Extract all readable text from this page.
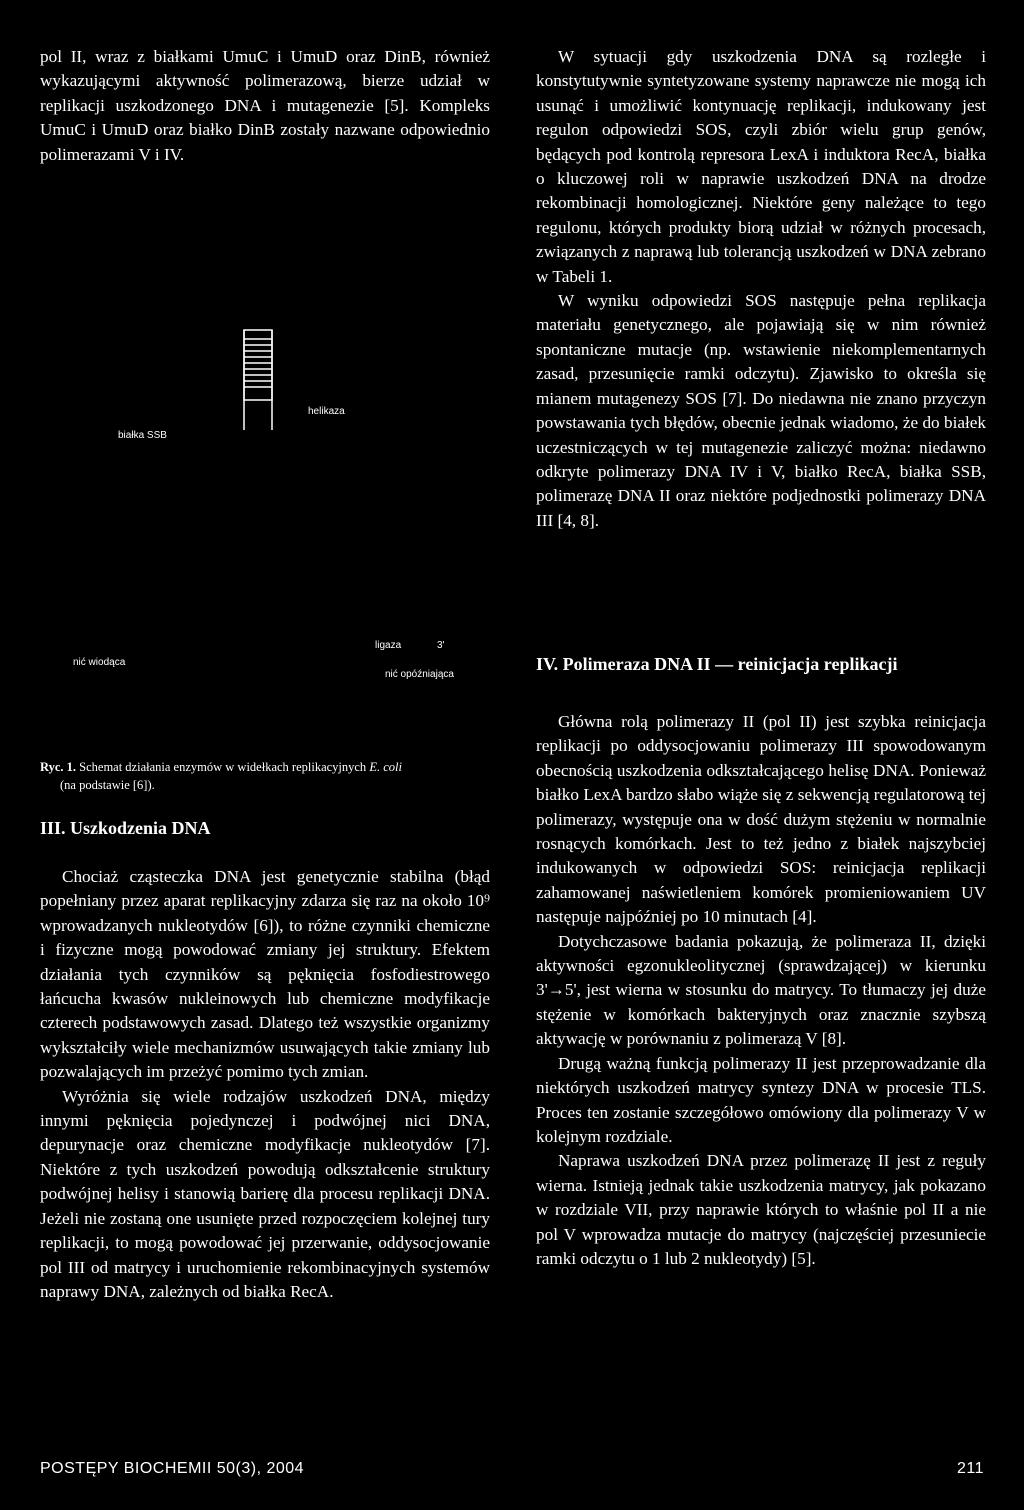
pol II, wraz z białkami UmuC i UmuD oraz DinB, również wykazującymi aktywność polimerazową, bierze udział w replikacji uszkodzonego DNA i mutagenezie [5]. Kompleks UmuC i UmuD oraz białko DinB zostały nazwane odpowiednio polimerazami V i IV.

białka SSB
helikaza
ligaza	3'
nić wiodąca
nić opóźniająca
Ryc. 1. Schemat działania enzymów w widełkach replikacyjnych E. coli
(na podstawie [6]).
III. Uszkodzenia DNA

Chociaż cząsteczka DNA jest genetycznie stabilna (błąd popełniany przez aparat replikacyjny zdarza się raz na około 10⁹ wprowadzanych nukleotydów [6]), to różne czynniki chemiczne i fizyczne mogą powodować zmiany jej struktury. Efektem działania tych czynników są pęknięcia fosfodiestrowego łańcucha kwasów nukleinowych lub chemiczne modyfikacje czterech podstawowych zasad. Dlatego też wszystkie organizmy wykształciły wiele mechanizmów usuwających takie zmiany lub pozwalających im przeżyć pomimo tych zmian.

Wyróżnia się wiele rodzajów uszkodzeń DNA, między innymi pęknięcia pojedynczej i podwójnej nici DNA, depurynacje oraz chemiczne modyfikacje nukleotydów [7]. Niektóre z tych uszkodzeń powodują odkształcenie struktury podwójnej helisy i stanowią barierę dla procesu replikacji DNA. Jeżeli nie zostaną one usunięte przed rozpoczęciem kolejnej tury replikacji, to mogą powodować jej przerwanie, oddysocjowanie pol III od matrycy i uruchomienie rekombinacyjnych systemów naprawy DNA, zależnych od białka RecA.

W sytuacji gdy uszkodzenia DNA są rozległe i konstytutywnie syntetyzowane systemy naprawcze nie mogą ich usunąć i umożliwić kontynuację replikacji, indukowany jest regulon odpowiedzi SOS, czyli zbiór wielu grup genów, będących pod kontrolą represora LexA i induktora RecA, białka o kluczowej roli w naprawie uszkodzeń DNA na drodze rekombinacji homologicznej. Niektóre geny należące to tego regulonu, których produkty biorą udział w różnych procesach, związanych z naprawą lub tolerancją uszkodzeń w DNA zebrano w Tabeli 1.

W wyniku odpowiedzi SOS następuje pełna replikacja materiału genetycznego, ale pojawiają się w nim również spontaniczne mutacje (np. wstawienie niekomplementarnych zasad, przesunięcie ramki odczytu). Zjawisko to określa się mianem mutagenezy SOS [7]. Do niedawna nie znano przyczyn powstawania tych błędów, obecnie jednak wiadomo, że do białek uczestniczących w tej mutagenezie zaliczyć można: niedawno odkryte polimerazy DNA IV i V, białko RecA, białka SSB, polimerazę DNA II oraz niektóre podjednostki polimerazy DNA III [4, 8].

IV. Polimeraza DNA II — reinicjacja replikacji

Główna rolą polimerazy II (pol II) jest szybka reinicjacja replikacji po oddysocjowaniu polimerazy III spowodowanym obecnością uszkodzenia odkształcającego helisę DNA. Ponieważ białko LexA bardzo słabo wiąże się z sekwencją regulatorową tej polimerazy, występuje ona w dość dużym stężeniu w normalnie rosnących komórkach. Jest to też jedno z białek najszybciej indukowanych w odpowiedzi SOS: reinicjacja replikacji zahamowanej naświetleniem komórek promieniowaniem UV następuje najpóźniej po 10 minutach [4].

Dotychczasowe badania pokazują, że polimeraza II, dzięki aktywności egzonukleolitycznej (sprawdzającej) w kierunku 3'→5', jest wierna w stosunku do matrycy. To tłumaczy jej duże stężenie w komórkach bakteryjnych oraz znacznie szybszą aktywację w porównaniu z polimerazą V [8].

Drugą ważną funkcją polimerazy II jest przeprowadzanie dla niektórych uszkodzeń matrycy syntezy DNA w procesie TLS. Proces ten zostanie szczegółowo omówiony dla polimerazy V w kolejnym rozdziale.

Naprawa uszkodzeń DNA przez polimerazę II jest z reguły wierna. Istnieją jednak takie uszkodzenia matrycy, jak pokazano w rozdziale VII, przy naprawie których to właśnie pol II a nie pol V wprowadza mutacje do matrycy (najczęściej przesuniecie ramki odczytu o 1 lub 2 nukleotydy) [5].

POSTĘPY BIOCHEMII 50(3), 2004	211
